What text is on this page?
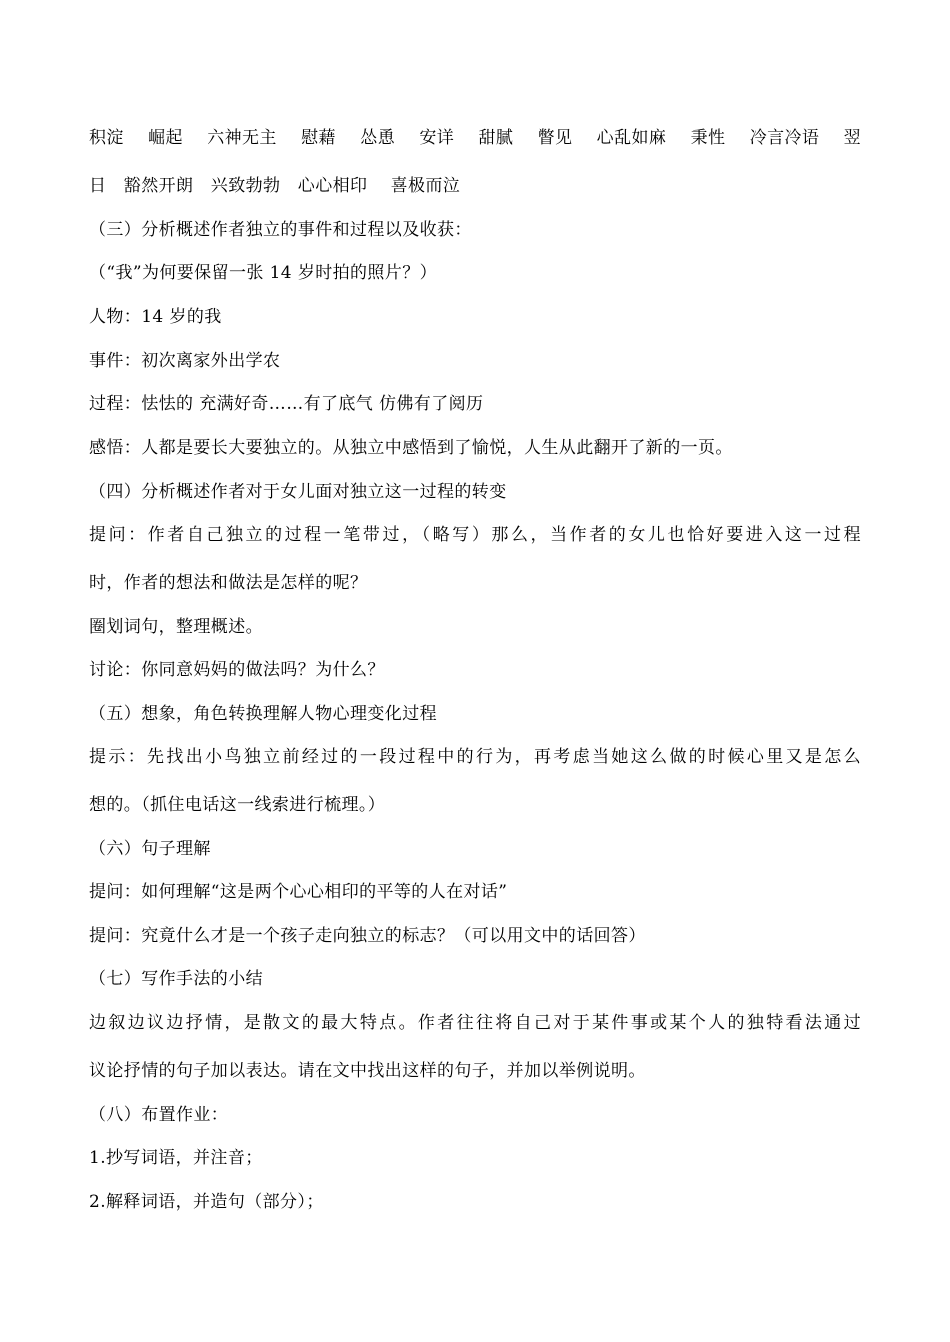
积淀 崛起 六神无主 慰藉 怂恿 安详 甜腻 瞥见 心乱如麻 秉性 冷言冷语 翌
日　豁然开朗　兴致勃勃　心心相印　 喜极而泣
（三）分析概述作者独立的事件和过程以及收获：
（“我”为何要保留一张 14 岁时拍的照片？）
人物：14 岁的我
事件：初次离家外出学农
过程：怯怯的 充满好奇……有了底气 仿佛有了阅历
感悟：人都是要长大要独立的。从独立中感悟到了愉悦，人生从此翻开了新的一页。
（四）分析概述作者对于女儿面对独立这一过程的转变
提问：作者自己独立的过程一笔带过，（略写）那么，当作者的女儿也恰好要进入这一过程
时，作者的想法和做法是怎样的呢？
圈划词句，整理概述。
讨论：你同意妈妈的做法吗？为什么？
（五）想象，角色转换理解人物心理变化过程
提示：先找出小鸟独立前经过的一段过程中的行为，再考虑当她这么做的时候心里又是怎么
想的。（抓住电话这一线索进行梳理。）
（六）句子理解
提问：如何理解“这是两个心心相印的平等的人在对话”
提问：究竟什么才是一个孩子走向独立的标志？（可以用文中的话回答）
（七）写作手法的小结
边叙边议边抒情，是散文的最大特点。作者往往将自己对于某件事或某个人的独特看法通过
议论抒情的句子加以表达。请在文中找出这样的句子，并加以举例说明。
（八）布置作业：
1.抄写词语，并注音；
2.解释词语，并造句（部分）；
